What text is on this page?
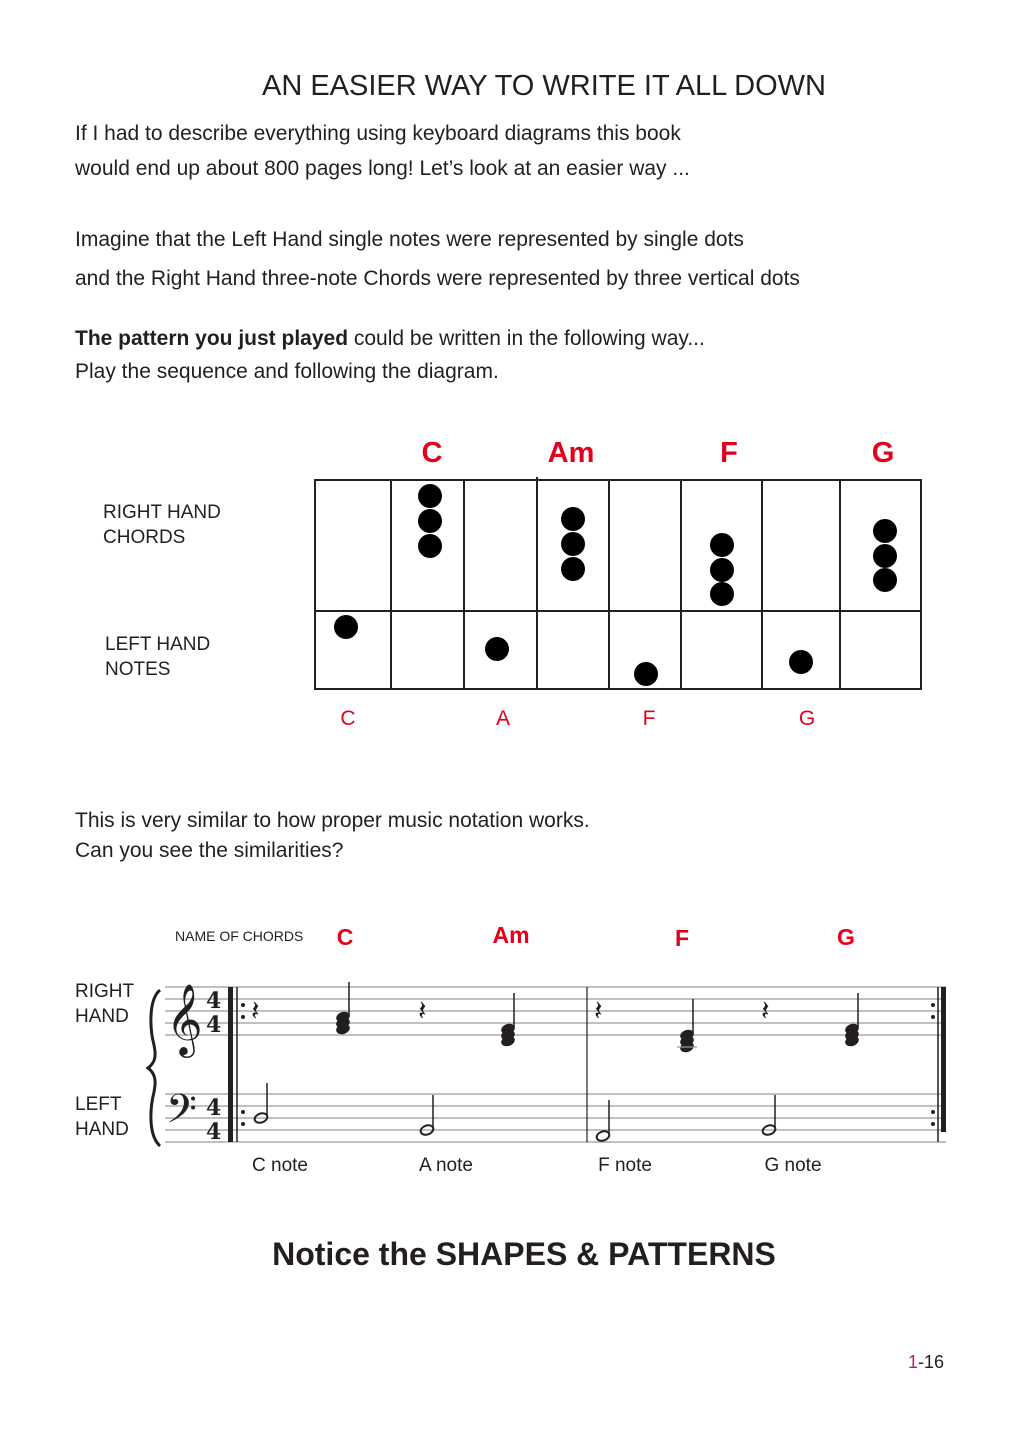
AN EASIER WAY TO WRITE IT ALL DOWN
If I had to describe everything using keyboard diagrams this book
would end up about 800 pages long! Let’s look at an easier way ...
Imagine that the Left Hand single notes were represented by single dots
and the Right Hand three-note Chords were represented by three vertical dots
The pattern you just played could be written in the following way...
Play the sequence and following the diagram.
C	Am	F	G
RIGHT HAND
CHORDS
LEFT HAND
NOTES
C	A	F	G
This is very similar to how proper music notation works.
Can you see the similarities?
NAME OF CHORDS	C	Am	F	G
RIGHT
HAND
LEFT
HAND
𝄞
𝄢
4
4
4
4
𝄽	𝄽	𝄽	𝄽
C note	A note	F note	G note
Notice the SHAPES & PATTERNS
1-16
